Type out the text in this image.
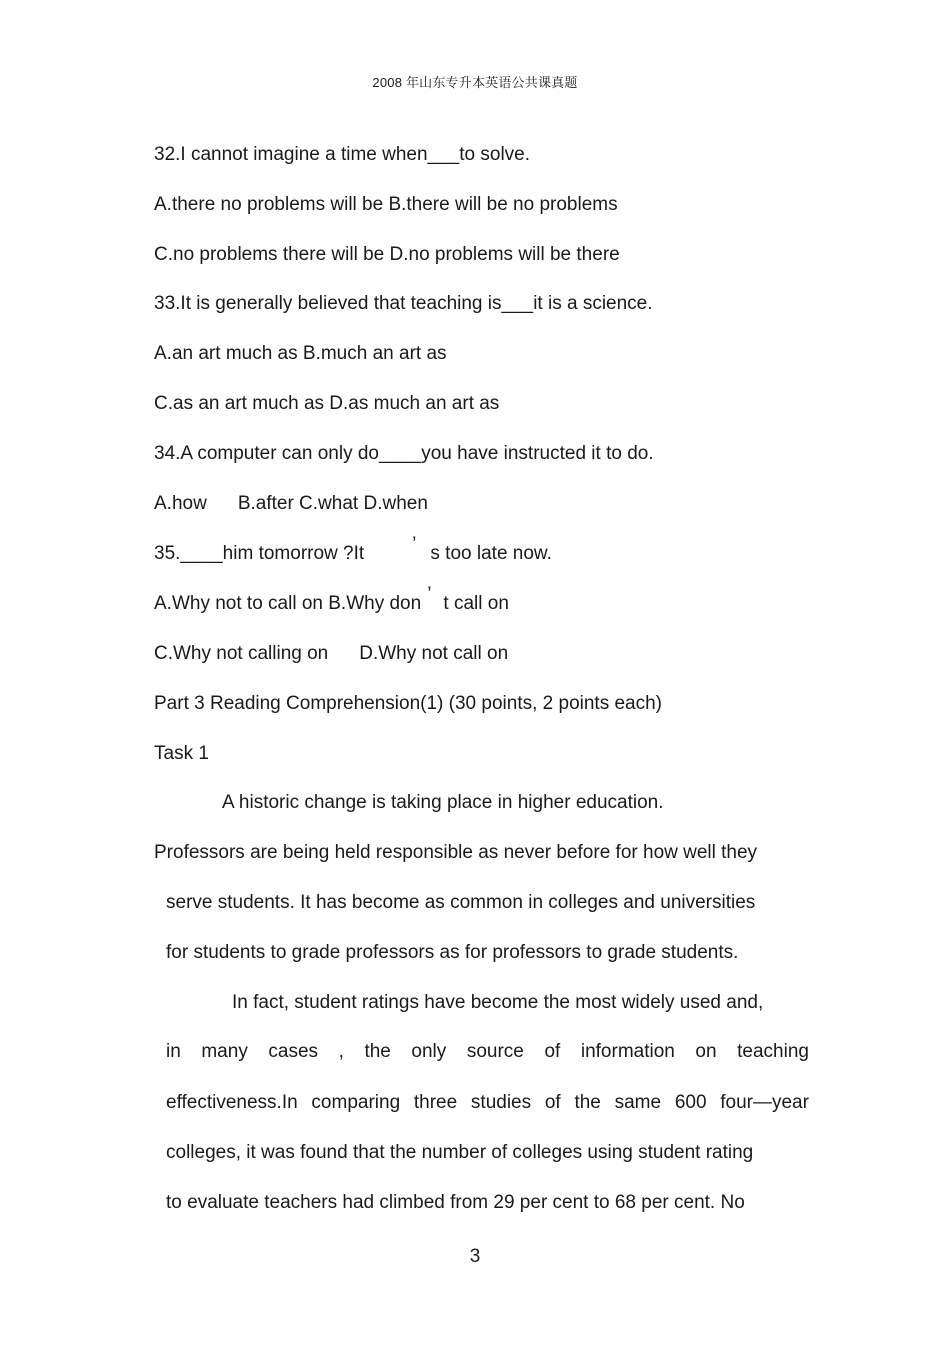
2008 年山东专升本英语公共课真题
32.I cannot imagine a time when___to solve.
A.there no problems will be B.there will be no problems
C.no problems there will be D.no problems will be there
33.It is generally believed that teaching is___it is a science.
A.an art much as B.much an art as
C.as an art much as D.as much an art as
34.A computer can only do____you have instructed it to do.
A.how B.after C.what D.when
35.____him tomorrow ?It	’ s too late now.
A.Why not to call on B.Why don ’ t call on
C.Why not calling on D.Why not call on
Part 3 Reading Comprehension(1) (30 points, 2 points each)
Task 1
A historic change is taking place in higher education.
Professors are being held responsible as never before for how well they
serve students. It has become as common in colleges and universities
for students to grade professors as for professors to grade students.
In fact, student ratings have become the most widely used and,
in many cases , the only source of information on teaching
effectiveness.In comparing three studies of the same 600 four—year
colleges, it was found that the number of colleges using student rating
to evaluate teachers had climbed from 29 per cent to 68 per cent. No
3
